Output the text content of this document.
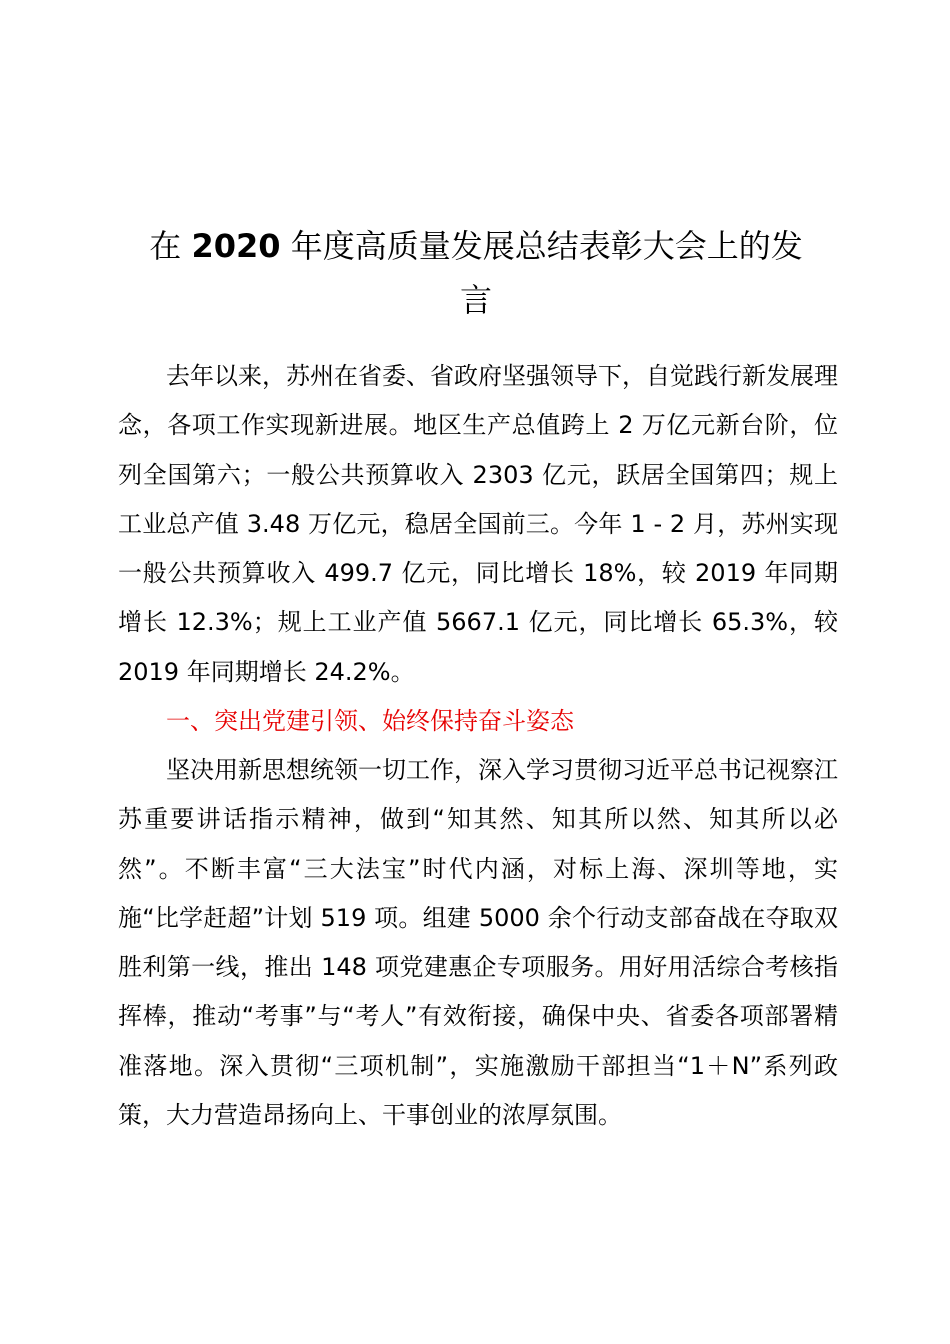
在 2020 年度高质量发展总结表彰大会上的发
言

去年以来，苏州在省委、省政府坚强领导下，自觉践行新发展理念，各项工作实现新进展。地区生产总值跨上 2 万亿元新台阶，位列全国第六；一般公共预算收入 2303 亿元，跃居全国第四；规上工业总产值 3.48 万亿元，稳居全国前三。今年 1 - 2 月，苏州实现一般公共预算收入 499.7 亿元，同比增长 18%，较 2019 年同期增长 12.3%；规上工业产值 5667.1 亿元，同比增长 65.3%，较 2019 年同期增长 24.2%。

一、突出党建引领、始终保持奋斗姿态

坚决用新思想统领一切工作，深入学习贯彻习近平总书记视察江苏重要讲话指示精神，做到“知其然、知其所以然、知其所以必然”。不断丰富“三大法宝”时代内涵，对标上海、深圳等地，实施“比学赶超”计划 519 项。组建 5000 余个行动支部奋战在夺取双胜利第一线，推出 148 项党建惠企专项服务。用好用活综合考核指挥棒，推动“考事”与“考人”有效衔接，确保中央、省委各项部署精准落地。深入贯彻“三项机制”，实施激励干部担当“1＋N”系列政策，大力营造昂扬向上、干事创业的浓厚氛围。
